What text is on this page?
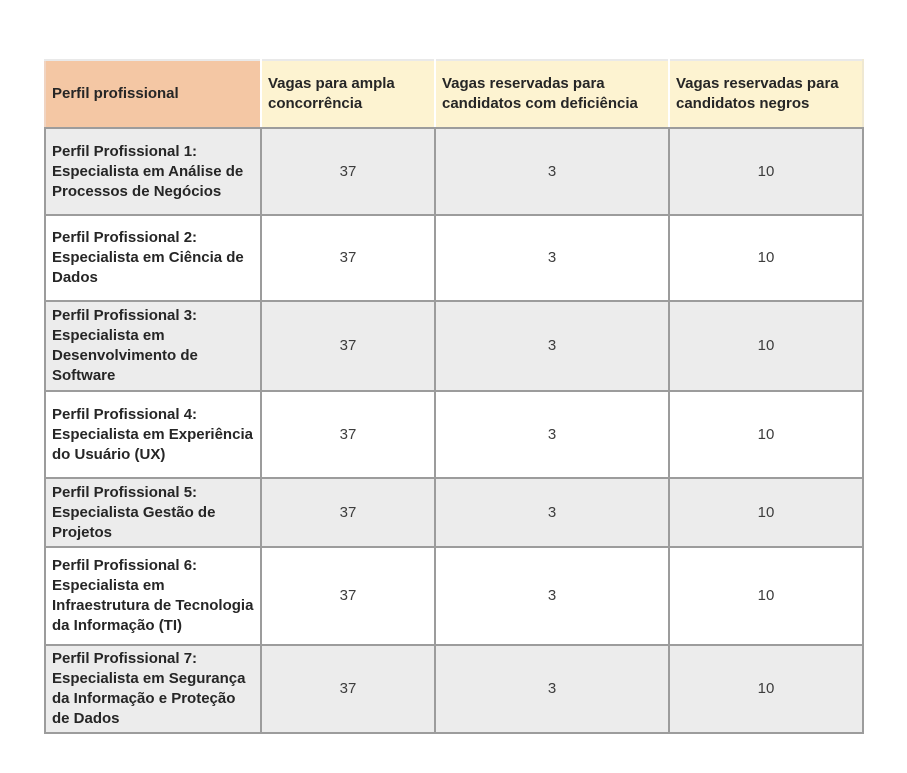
Perfil profissional	Vagas para ampla concorrência	Vagas reservadas para candidatos com deficiência	Vagas reservadas para candidatos negros

Perfil Profissional 1: Especialista em Análise de Processos de Negócios	37	3	10

Perfil Profissional 2: Especialista em Ciência de Dados	37	3	10

Perfil Profissional 3: Especialista em Desenvolvimento de Software	37	3	10

Perfil Profissional 4: Especialista em Experiência do Usuário (UX)	37	3	10

Perfil Profissional 5: Especialista Gestão de Projetos	37	3	10

Perfil Profissional 6: Especialista em Infraestrutura de Tecnologia da Informação (TI)	37	3	10

Perfil Profissional 7: Especialista em Segurança da Informação e Proteção de Dados	37	3	10
